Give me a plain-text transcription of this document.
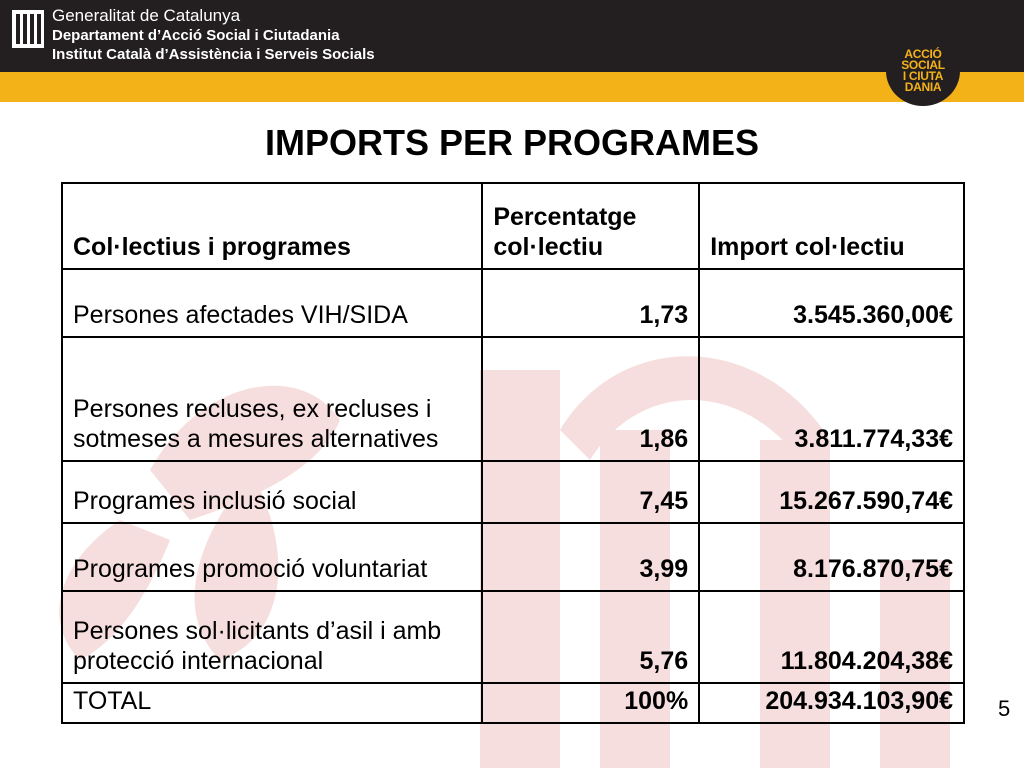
Generalitat de Catalunya
Departament d’Acció Social i Ciutadania
Institut Català d’Assistència i Serveis Socials	ACCIÓ
SOCIAL
I CIUTA
DANIA
IMPORTS PER PROGRAMES
Col·lectius i programes	Percentatge col·lectiu	Import col·lectiu
Persones afectades VIH/SIDA	1,73	3.545.360,00€
Persones recluses, ex recluses i sotmeses a mesures alternatives	1,86	3.811.774,33€
Programes inclusió social	7,45	15.267.590,74€
Programes promoció voluntariat	3,99	8.176.870,75€
Persones sol·licitants d’asil i amb protecció internacional	5,76	11.804.204,38€
TOTAL	100%	204.934.103,90€ 5
